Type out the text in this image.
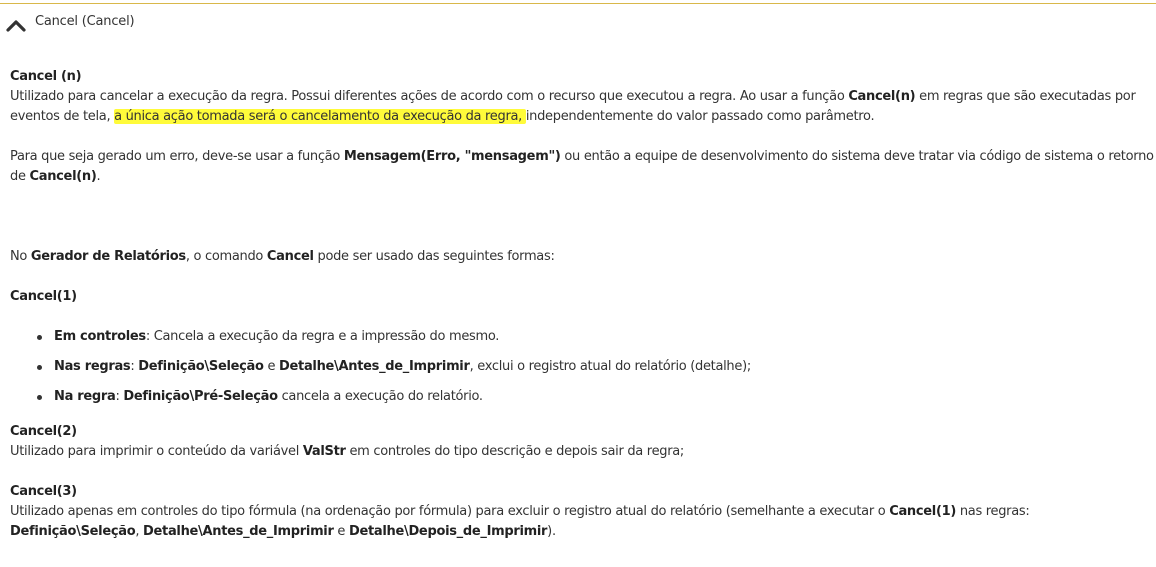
Cancel (Cancel)

Cancel (n)

Utilizado para cancelar a execução da regra. Possui diferentes ações de acordo com o recurso que executou a regra. Ao usar a função Cancel(n) em regras que são executadas por

eventos de tela, a única ação tomada será o cancelamento da execução da regra, independentemente do valor passado como parâmetro.

Para que seja gerado um erro, deve-se usar a função Mensagem(Erro, "mensagem") ou então a equipe de desenvolvimento do sistema deve tratar via código de sistema o retorno

de Cancel(n).

No Gerador de Relatórios, o comando Cancel pode ser usado das seguintes formas:

Cancel(1)

Em controles: Cancela a execução da regra e a impressão do mesmo.
Nas regras: Definição\Seleção e Detalhe\Antes_de_Imprimir, exclui o registro atual do relatório (detalhe);
Na regra: Definição\Pré-Seleção cancela a execução do relatório.

Cancel(2)

Utilizado para imprimir o conteúdo da variável ValStr em controles do tipo descrição e depois sair da regra;

Cancel(3)

Utilizado apenas em controles do tipo fórmula (na ordenação por fórmula) para excluir o registro atual do relatório (semelhante a executar o Cancel(1) nas regras:

Definição\Seleção, Detalhe\Antes_de_Imprimir e Detalhe\Depois_de_Imprimir).
